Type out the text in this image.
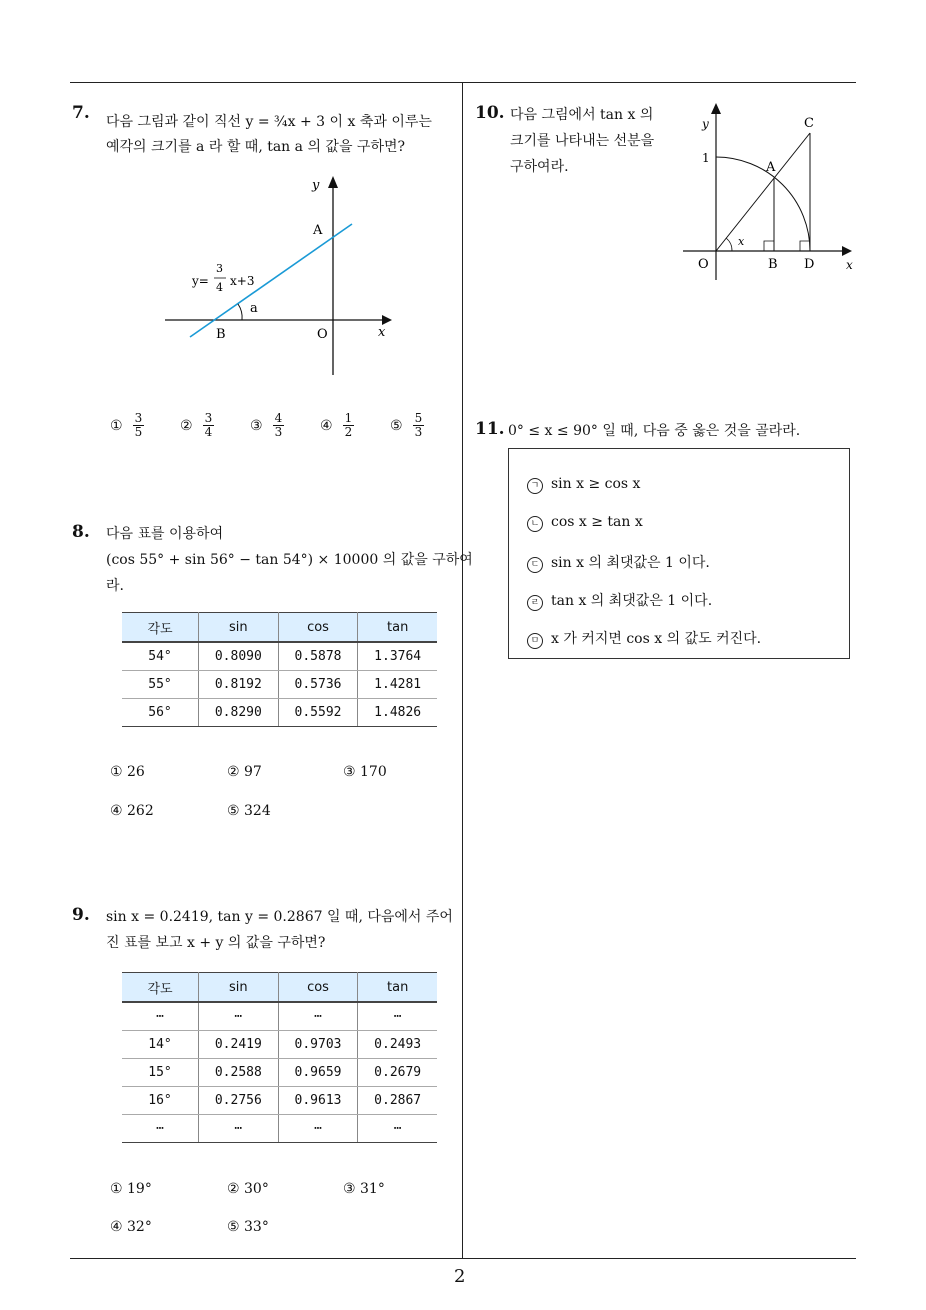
2
7. 다음 그림과 같이 직선 y = ¾x + 3 이 x 축과 이루는
예각의 크기를 a 라 할 때, tan a 의 값을 구하면?
y
x
A
B	O
a
y=
3
4 x+3
① $\frac{3}{5}$	② $\frac{3}{4}$	③ $\frac{4}{3}$	④ $\frac{1}{2}$	⑤ $\frac{5}{3}$
8. 다음 표를 이용하여
(cos 55° + sin 56° − tan 54°) × 10000 의 값을 구하여
라.
각도	sin	cos	tan
54°	0.8090	0.5878	1.3764
55°	0.8192	0.5736	1.4281
56°	0.8290	0.5592	1.4826
① 26	② 97	③ 170
④ 262	⑤ 324
9. sin x = 0.2419, tan y = 0.2867 일 때, 다음에서 주어
진 표를 보고 x + y 의 값을 구하면?
각도	sin	cos	tan
⋯	⋯	⋯	⋯
14°	0.2419	0.9703	0.2493
15°	0.2588	0.9659	0.2679
16°	0.2756	0.9613	0.2867
⋯	⋯	⋯	⋯
① 19°	② 30°	③ 31°
④ 32°	⑤ 33°
10. 다음 그림에서 tan x 의
크기를 나타내는 선분을
구하여라.
y
x
C
A
1
O	B D
x
11. 0° ≤ x ≤ 90° 일 때, 다음 중 옳은 것을 골라라.
ㄱ sin x ≥ cos x
ㄴ cos x ≥ tan x
ㄷ sin x 의 최댓값은 1 이다.
ㄹ tan x 의 최댓값은 1 이다.
ㅁ x 가 커지면 cos x 의 값도 커진다.
